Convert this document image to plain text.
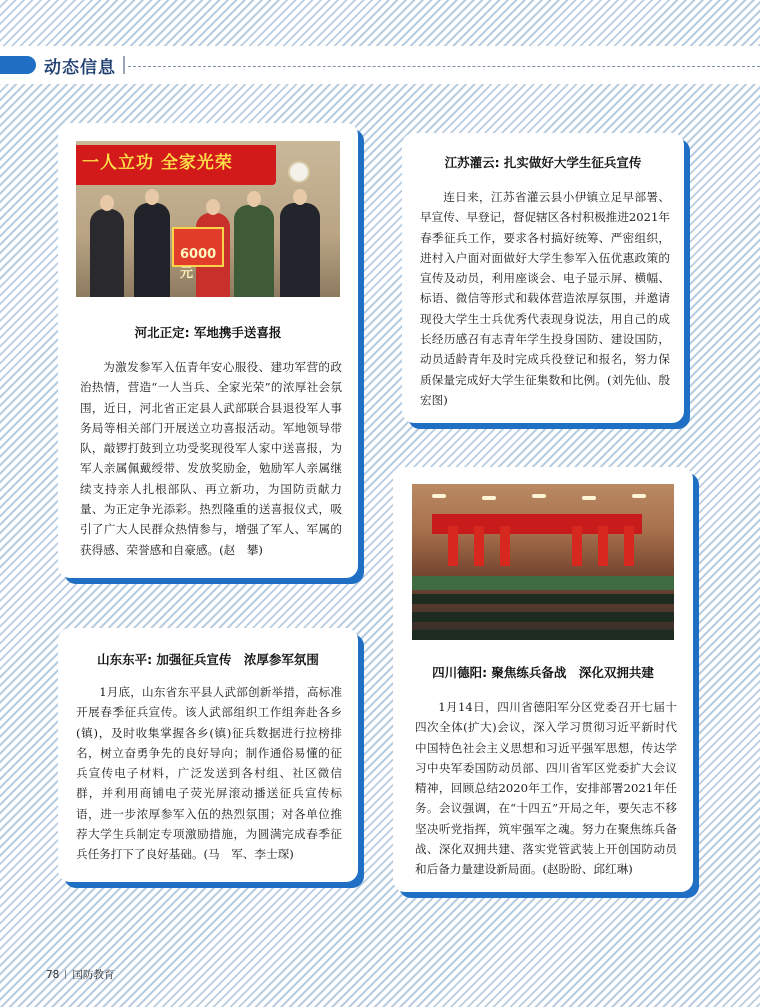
动态信息
一人立功 全家光荣
6000元
河北正定: 军地携手送喜报
为激发参军入伍青年安心服役、建功军营的政治热情，营造“一人当兵、全家光荣”的浓厚社会氛围，近日，河北省正定县人武部联合县退役军人事务局等相关部门开展送立功喜报活动。军地领导带队，敲锣打鼓到立功受奖现役军人家中送喜报，为军人亲属佩戴绶带、发放奖励金，勉励军人亲属继续支持亲人扎根部队、再立新功，为国防贡献力量、为正定争光添彩。热烈隆重的送喜报仪式，吸引了广大人民群众热情参与，增强了军人、军属的获得感、荣誉感和自豪感。(赵　攀)
江苏灌云: 扎实做好大学生征兵宣传
连日来，江苏省灌云县小伊镇立足早部署、早宣传、早登记，督促辖区各村积极推进2021年春季征兵工作，要求各村搞好统筹、严密组织，进村入户面对面做好大学生参军入伍优惠政策的宣传及动员，利用座谈会、电子显示屏、横幅、标语、微信等形式和载体营造浓厚氛围，并邀请现役大学生士兵优秀代表现身说法，用自己的成长经历感召有志青年学生投身国防、建设国防，动员适龄青年及时完成兵役登记和报名，努力保质保量完成好大学生征集数和比例。(刘先仙、殷宏图)
山东东平: 加强征兵宣传　浓厚参军氛围
1月底，山东省东平县人武部创新举措，高标准开展春季征兵宣传。该人武部组织工作组奔赴各乡(镇)，及时收集掌握各乡(镇)征兵数据进行拉榜排名，树立奋勇争先的良好导向；制作通俗易懂的征兵宣传电子材料，广泛发送到各村组、社区微信群，并利用商铺电子荧光屏滚动播送征兵宣传标语，进一步浓厚参军入伍的热烈氛围；对各单位推荐大学生兵制定专项激励措施，为圆满完成春季征兵任务打下了良好基础。(马　军、李士琛)
四川德阳: 聚焦练兵备战　深化双拥共建
1月14日，四川省德阳军分区党委召开七届十四次全体(扩大)会议，深入学习贯彻习近平新时代中国特色社会主义思想和习近平强军思想，传达学习中央军委国防动员部、四川省军区党委扩大会议精神，回顾总结2020年工作，安排部署2021年任务。会议强调，在“十四五”开局之年，要矢志不移坚决听党指挥，筑牢强军之魂。努力在聚焦练兵备战、深化双拥共建、落实党管武装上开创国防动员和后备力量建设新局面。(赵盼盼、邱红琳)
78 国防教育
